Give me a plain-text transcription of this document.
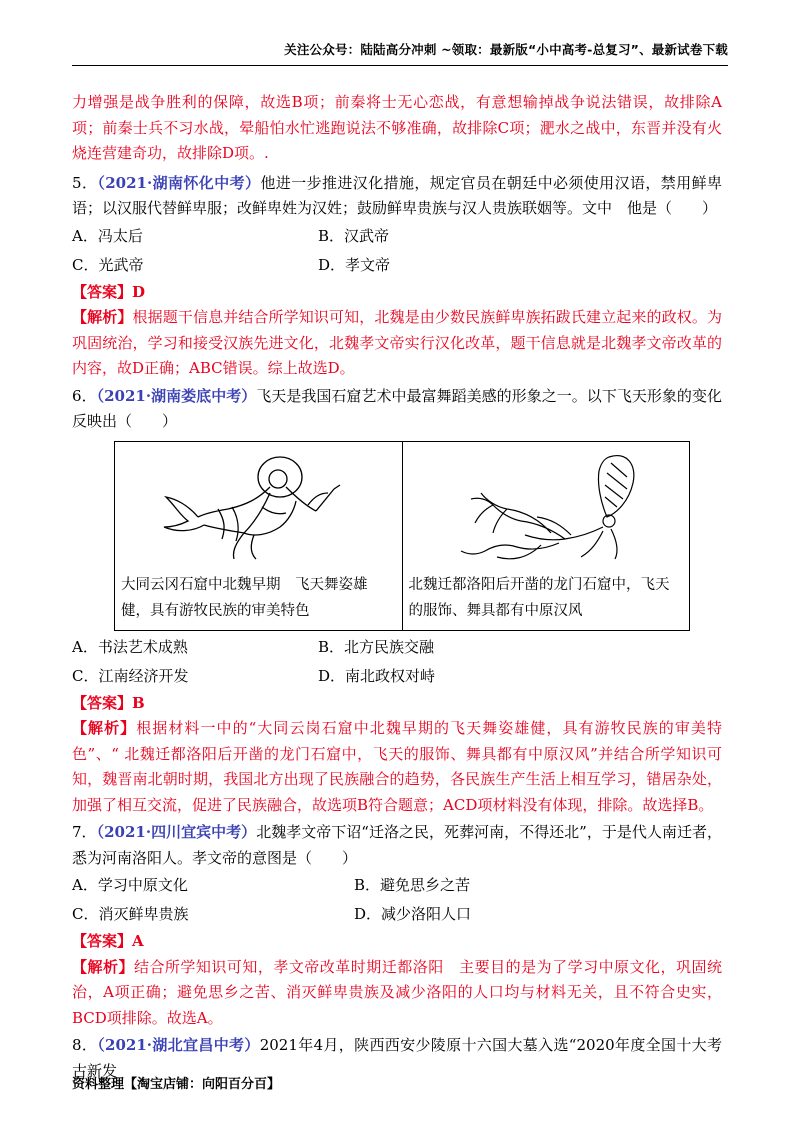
关注公众号：陆陆高分冲刺 ~领取：最新版“小中高考-总复习”、最新试卷下载

力增强是战争胜利的保障，故选B项；前秦将士无心恋战，有意想输掉战争说法错误，故排除A项；前秦士兵不习水战，晕船怕水忙逃跑说法不够准确，故排除C项；淝水之战中，东晋并没有火烧连营建奇功，故排除D项。.

5．（2021·湖南怀化中考）他进一步推进汉化措施，规定官员在朝廷中必须使用汉语，禁用鲜卑语；以汉服代替鲜卑服；改鲜卑姓为汉姓；鼓励鲜卑贵族与汉人贵族联姻等。文中　他是（　　）

A．冯太后	B．汉武帝
C．光武帝	D．孝文帝

【答案】D

【解析】根据题干信息并结合所学知识可知，北魏是由少数民族鲜卑族拓跋氏建立起来的政权。为巩固统治，学习和接受汉族先进文化，北魏孝文帝实行汉化改革，题干信息就是北魏孝文帝改革的内容，故D正确；ABC错误。综上故选D。

6．（2021·湖南娄底中考）飞天是我国石窟艺术中最富舞蹈美感的形象之一。以下飞天形象的变化反映出（　　）

大同云冈石窟中北魏早期　飞天舞姿雄健，具有游牧民族的审美特色
北魏迁都洛阳后开凿的龙门石窟中，飞天的服饰、舞具都有中原汉风
A．书法艺术成熟	B．北方民族交融
C．江南经济开发	D．南北政权对峙

【答案】B

【解析】根据材料一中的“大同云岗石窟中北魏早期的飞天舞姿雄健，具有游牧民族的审美特色”、“ 北魏迁都洛阳后开凿的龙门石窟中，飞天的服饰、舞具都有中原汉风”并结合所学知识可知，魏晋南北朝时期，我国北方出现了民族融合的趋势，各民族生产生活上相互学习，错居杂处，加强了相互交流，促进了民族融合，故选项B符合题意；ACD项材料没有体现，排除。故选择B。

7．（2021·四川宜宾中考）北魏孝文帝下诏“迁洛之民，死葬河南，不得还北”，于是代人南迁者，悉为河南洛阳人。孝文帝的意图是（　　）

A．学习中原文化	B．避免思乡之苦
C．消灭鲜卑贵族	D．减少洛阳人口

【答案】A

【解析】结合所学知识可知，孝文帝改革时期迁都洛阳　主要目的是为了学习中原文化，巩固统治，A项正确；避免思乡之苦、消灭鲜卑贵族及减少洛阳的人口均与材料无关，且不符合史实，BCD项排除。故选A。

8．（2021·湖北宜昌中考）2021年4月，陕西西安少陵原十六国大墓入选“2020年度全国十大考古新发

资料整理【淘宝店铺：向阳百分百】
